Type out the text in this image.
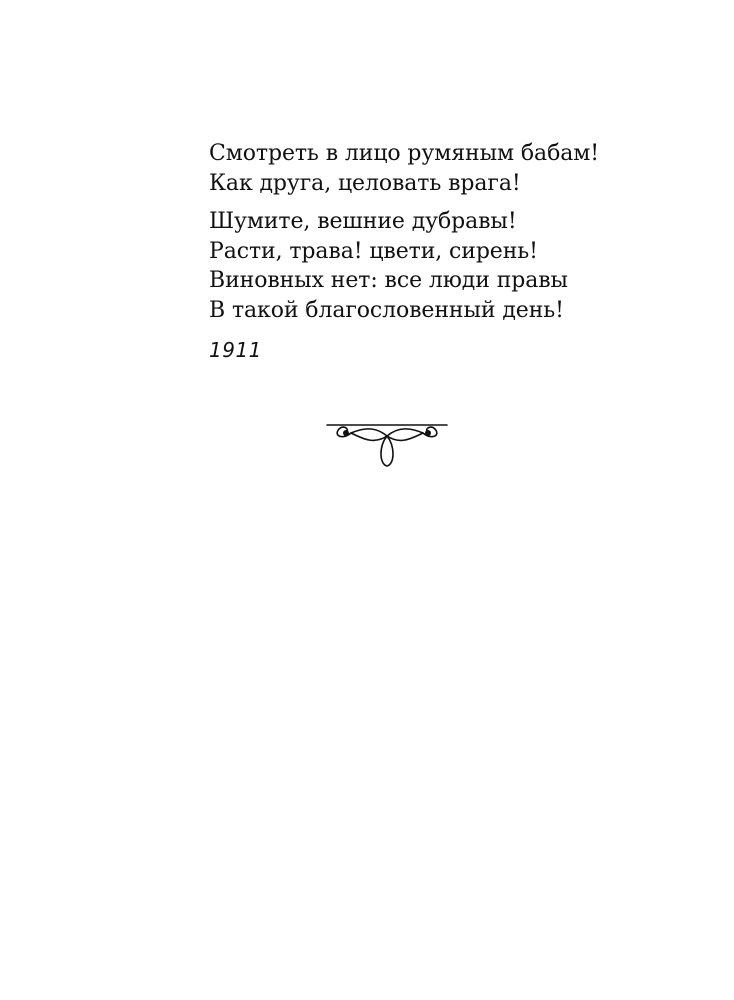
Смотреть в лицо румяным бабам!
Как друга, целовать врага!

Шумите, вешние дубравы!
Расти, трава! цвети, сирень!
Виновных нет: все люди правы
В такой благословенный день!

1911
